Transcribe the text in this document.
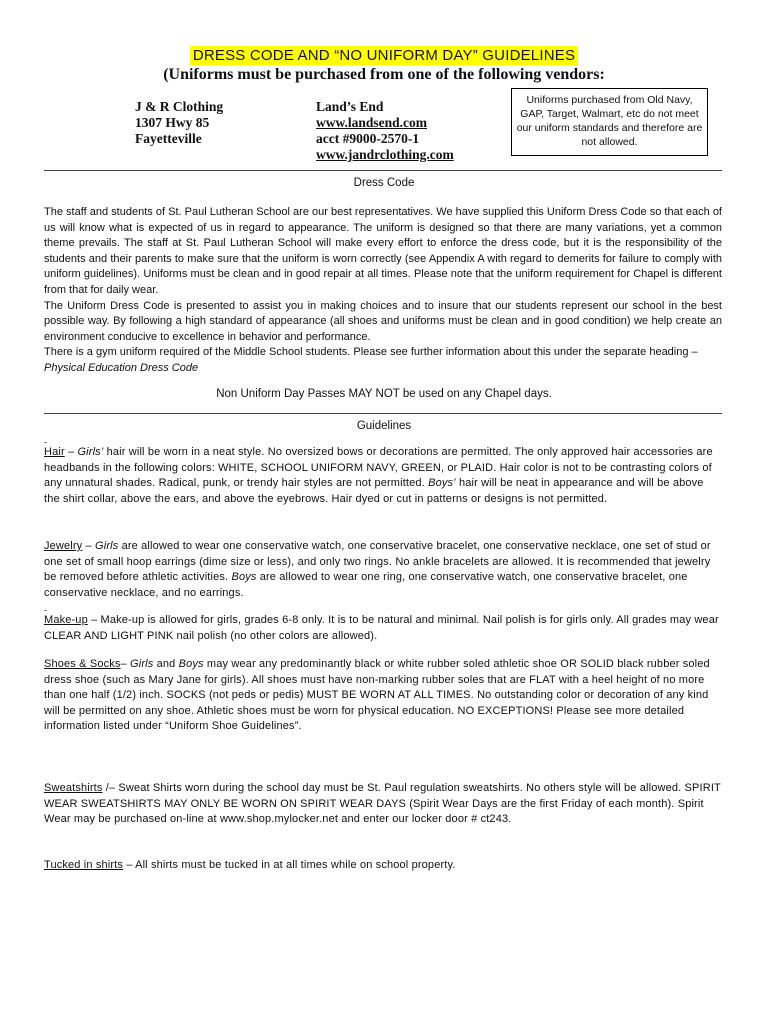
DRESS CODE AND “NO UNIFORM DAY” GUIDELINES
(Uniforms must be purchased from one of the following vendors:
J & R Clothing
1307 Hwy 85
Fayetteville
Land’s End
www.landsend.com
acct #9000-2570-1
www.jandrclothing.com
Uniforms purchased from Old Navy, GAP, Target, Walmart, etc do not meet our uniform standards and therefore are not allowed.
Dress Code

The staff and students of St. Paul Lutheran School are our best representatives. We have supplied this Uniform Dress Code so that each of us will know what is expected of us in regard to appearance. The uniform is designed so that there are many variations, yet a common theme prevails. The staff at St. Paul Lutheran School will make every effort to enforce the dress code, but it is the responsibility of the students and their parents to make sure that the uniform is worn correctly (see Appendix A with regard to demerits for failure to comply with uniform guidelines). Uniforms must be clean and in good repair at all times. Please note that the uniform requirement for Chapel is different from that for daily wear.

The Uniform Dress Code is presented to assist you in making choices and to insure that our students represent our school in the best possible way. By following a high standard of appearance (all shoes and uniforms must be clean and in good condition) we help create an environment conducive to excellence in behavior and performance.

There is a gym uniform required of the Middle School students. Please see further information about this under the separate heading – Physical Education Dress Code

Non Uniform Day Passes MAY NOT be used on any Chapel days.
Guidelines
-
Hair – Girls’ hair will be worn in a neat style. No oversized bows or decorations are permitted. The only approved hair accessories are headbands in the following colors: WHITE, SCHOOL UNIFORM NAVY, GREEN, or PLAID. Hair color is not to be contrasting colors of any unnatural shades. Radical, punk, or trendy hair styles are not permitted. Boys’ hair will be neat in appearance and will be above the shirt collar, above the ears, and above the eyebrows. Hair dyed or cut in patterns or designs is not permitted.
Jewelry – Girls are allowed to wear one conservative watch, one conservative bracelet, one conservative necklace, one set of stud or one set of small hoop earrings (dime size or less), and only two rings. No ankle bracelets are allowed. It is recommended that jewelry be removed before athletic activities. Boys are allowed to wear one ring, one conservative watch, one conservative bracelet, one conservative necklace, and no earrings.
-
Make-up – Make-up is allowed for girls, grades 6-8 only. It is to be natural and minimal. Nail polish is for girls only. All grades may wear CLEAR AND LIGHT PINK nail polish (no other colors are allowed).
Shoes & Socks– Girls and Boys may wear any predominantly black or white rubber soled athletic shoe OR SOLID black rubber soled dress shoe (such as Mary Jane for girls). All shoes must have non-marking rubber soles that are FLAT with a heel height of no more than one half (1/2) inch. SOCKS (not peds or pedis) MUST BE WORN AT ALL TIMES. No outstanding color or decoration of any kind will be permitted on any shoe. Athletic shoes must be worn for physical education. NO EXCEPTIONS! Please see more detailed information listed under “Uniform Shoe Guidelines”.
Sweatshirts /– Sweat Shirts worn during the school day must be St. Paul regulation sweatshirts. No others style will be allowed. SPIRIT WEAR SWEATSHIRTS MAY ONLY BE WORN ON SPIRIT WEAR DAYS (Spirit Wear Days are the first Friday of each month). Spirit Wear may be purchased on-line at www.shop.mylocker.net and enter our locker door # ct243.
Tucked in shirts – All shirts must be tucked in at all times while on school property.
